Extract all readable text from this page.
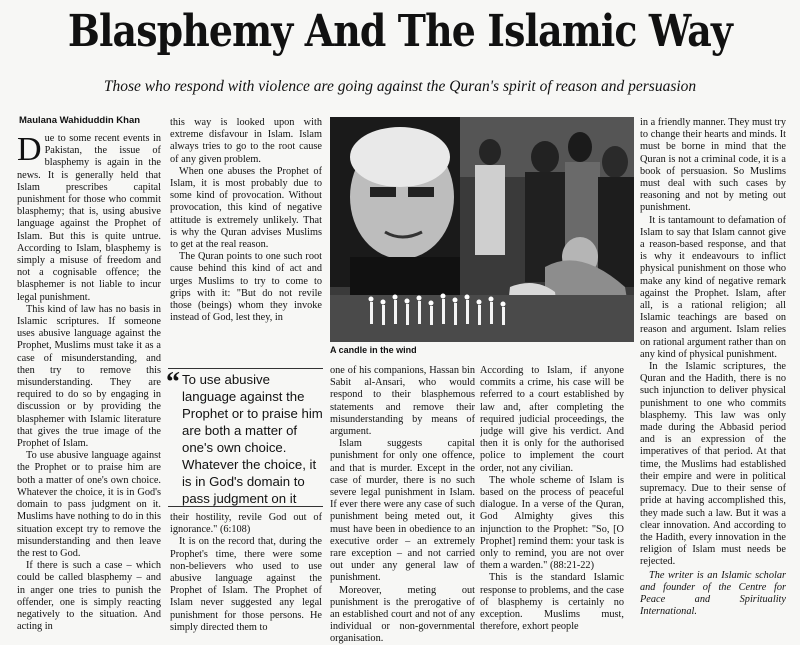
Blasphemy And The Islamic Way
Those who respond with violence are going against the Quran's spirit of reason and persuasion
Maulana Wahiduddin Khan

Due to some recent events in Pakistan, the issue of blasphemy is again in the news. It is generally held that Islam prescribes capital punishment for those who commit blasphemy; that is, using abusive language against the Prophet of Islam. But this is quite untrue. According to Islam, blasphemy is simply a misuse of freedom and not a cognisable offence; the blasphemer is not liable to incur legal punishment.

This kind of law has no basis in Islamic scriptures. If someone uses abusive language against the Prophet, Muslims must take it as a case of misunderstanding, and then try to remove this misunderstanding. They are required to do so by engaging in discussion or by providing the blasphemer with Islamic literature that gives the true image of the Prophet of Islam.

To use abusive language against the Prophet or to praise him are both a matter of one's own choice. Whatever the choice, it is in God's domain to pass judgment on it. Muslims have nothing to do in this situation except try to remove the misunderstanding and then leave the rest to God.

If there is such a case – which could be called blasphemy – and in anger one tries to punish the offender, one is simply reacting negatively to the situation. And acting in

this way is looked upon with extreme disfavour in Islam. Islam always tries to go to the root cause of any given problem.

When one abuses the Prophet of Islam, it is most probably due to some kind of provocation. Without provocation, this kind of negative attitude is extremely unlikely. That is why the Quran advises Muslims to get at the real reason.

The Quran points to one such root cause behind this kind of act and urges Muslims to try to come to grips with it: "But do not revile those (beings) whom they invoke instead of God, lest they, in

“ To use abusive language against the Prophet or to praise him are both a matter of one's own choice. Whatever the choice, it is in God's domain to pass judgment on it

their hostility, revile God out of ignorance." (6:108)

It is on the record that, during the Prophet's time, there were some non-believers who used to use abusive language against the Prophet of Islam. The Prophet of Islam never suggested any legal punishment for those persons. He simply directed them to

A candle in the wind

one of his companions, Hassan bin Sabit al-Ansari, who would respond to their blasphemous statements and remove their misunderstanding by means of argument.

Islam suggests capital punishment for only one offence, and that is murder. Except in the case of murder, there is no such severe legal punishment in Islam. If ever there were any case of such punishment being meted out, it must have been in obedience to an executive order – an extremely rare exception – and not carried out under any general law of punishment.

Moreover, meting out punishment is the prerogative of an established court and not of any individual or non-governmental organisation.

According to Islam, if anyone commits a crime, his case will be referred to a court established by law and, after completing the required judicial proceedings, the judge will give his verdict. And then it is only for the authorised police to implement the court order, not any civilian.

The whole scheme of Islam is based on the process of peaceful dialogue. In a verse of the Quran, God Almighty gives this injunction to the Prophet: "So, [O Prophet] remind them: your task is only to remind, you are not over them a warden." (88:21-22)

This is the standard Islamic response to problems, and the case of blasphemy is certainly no exception. Muslims must, therefore, exhort people

in a friendly manner. They must try to change their hearts and minds. It must be borne in mind that the Quran is not a criminal code, it is a book of persuasion. So Muslims must deal with such cases by reasoning and not by meting out punishment.

It is tantamount to defamation of Islam to say that Islam cannot give a reason-based response, and that is why it endeavours to inflict physical punishment on those who make any kind of negative remark against the Prophet. Islam, after all, is a rational religion; all Islamic teachings are based on reason and argument. Islam relies on rational argument rather than on any kind of physical punishment.

In the Islamic scriptures, the Quran and the Hadith, there is no such injunction to deliver physical punishment to one who commits blasphemy. This law was only made during the Abbasid period and is an expression of the imperatives of that period. At that time, the Muslims had established their empire and were in political supremacy. Due to their sense of pride at having accomplished this, they made such a law. But it was a clear innovation. And according to the Hadith, every innovation in the religion of Islam must needs be rejected.

The writer is an Islamic scholar and founder of the Centre for Peace and Spirituality International.
